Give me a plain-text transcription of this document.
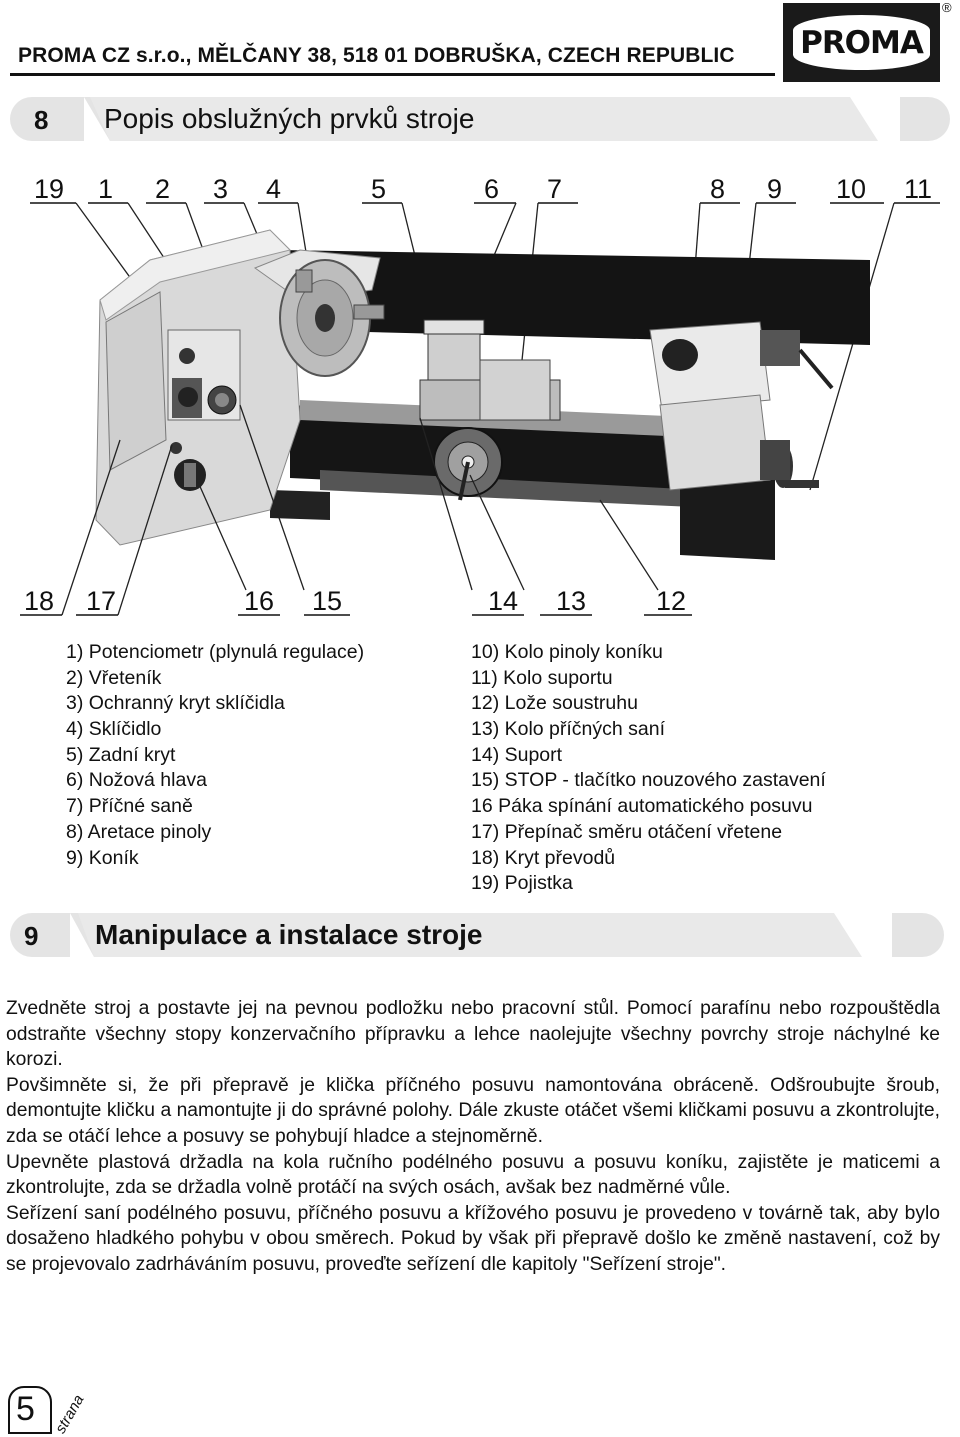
PROMA CZ s.r.o., MĚLČANY 38, 518 01 DOBRUŠKA, CZECH REPUBLIC PROMA
®
8 Popis obslužných prvků stroje
19 1 2 3 4	5	6 7	8 9 10 11
18 17	16 15	14 13	12
1) Potenciometr (plynulá regulace)
2) Vřeteník
3) Ochranný kryt sklíčidla
4) Sklíčidlo
5) Zadní kryt
6) Nožová hlava
7) Příčné saně
8) Aretace pinoly
9) Koník
10) Kolo pinoly koníku
11) Kolo suportu
12) Lože soustruhu
13) Kolo příčných saní
14) Suport
15) STOP - tlačítko nouzového zastavení
16 Páka spínání automatického posuvu
17) Přepínač směru otáčení vřetene
18) Kryt převodů
19) Pojistka
9 Manipulace a instalace stroje

Zvedněte stroj a postavte jej na pevnou podložku nebo pracovní stůl. Pomocí parafínu nebo rozpouštědla odstraňte všechny stopy konzervačního přípravku a lehce naolejujte všechny povrchy stroje náchylné ke korozi.

Povšimněte si, že při přepravě je klička příčného posuvu namontována obráceně. Odšroubujte šroub, demontujte kličku a namontujte ji do správné polohy. Dále zkuste otáčet všemi kličkami posuvu a zkontrolujte, zda se otáčí lehce a posuvy se pohybují hladce a stejnoměrně.

Upevněte plastová držadla na kola ručního podélného posuvu a posuvu koníku, zajistěte je maticemi a zkontrolujte, zda se držadla volně protáčí na svých osách, avšak bez nadměrné vůle.

Seřízení saní podélného posuvu, příčného posuvu a křížového posuvu je provedeno v továrně tak, aby bylo dosaženo hladkého pohybu v obou směrech. Pokud by však při přepravě došlo ke změně nastavení, což by se projevovalo zadrháváním posuvu, proveďte seřízení dle kapitoly "Seřízení stroje".

5 strana
